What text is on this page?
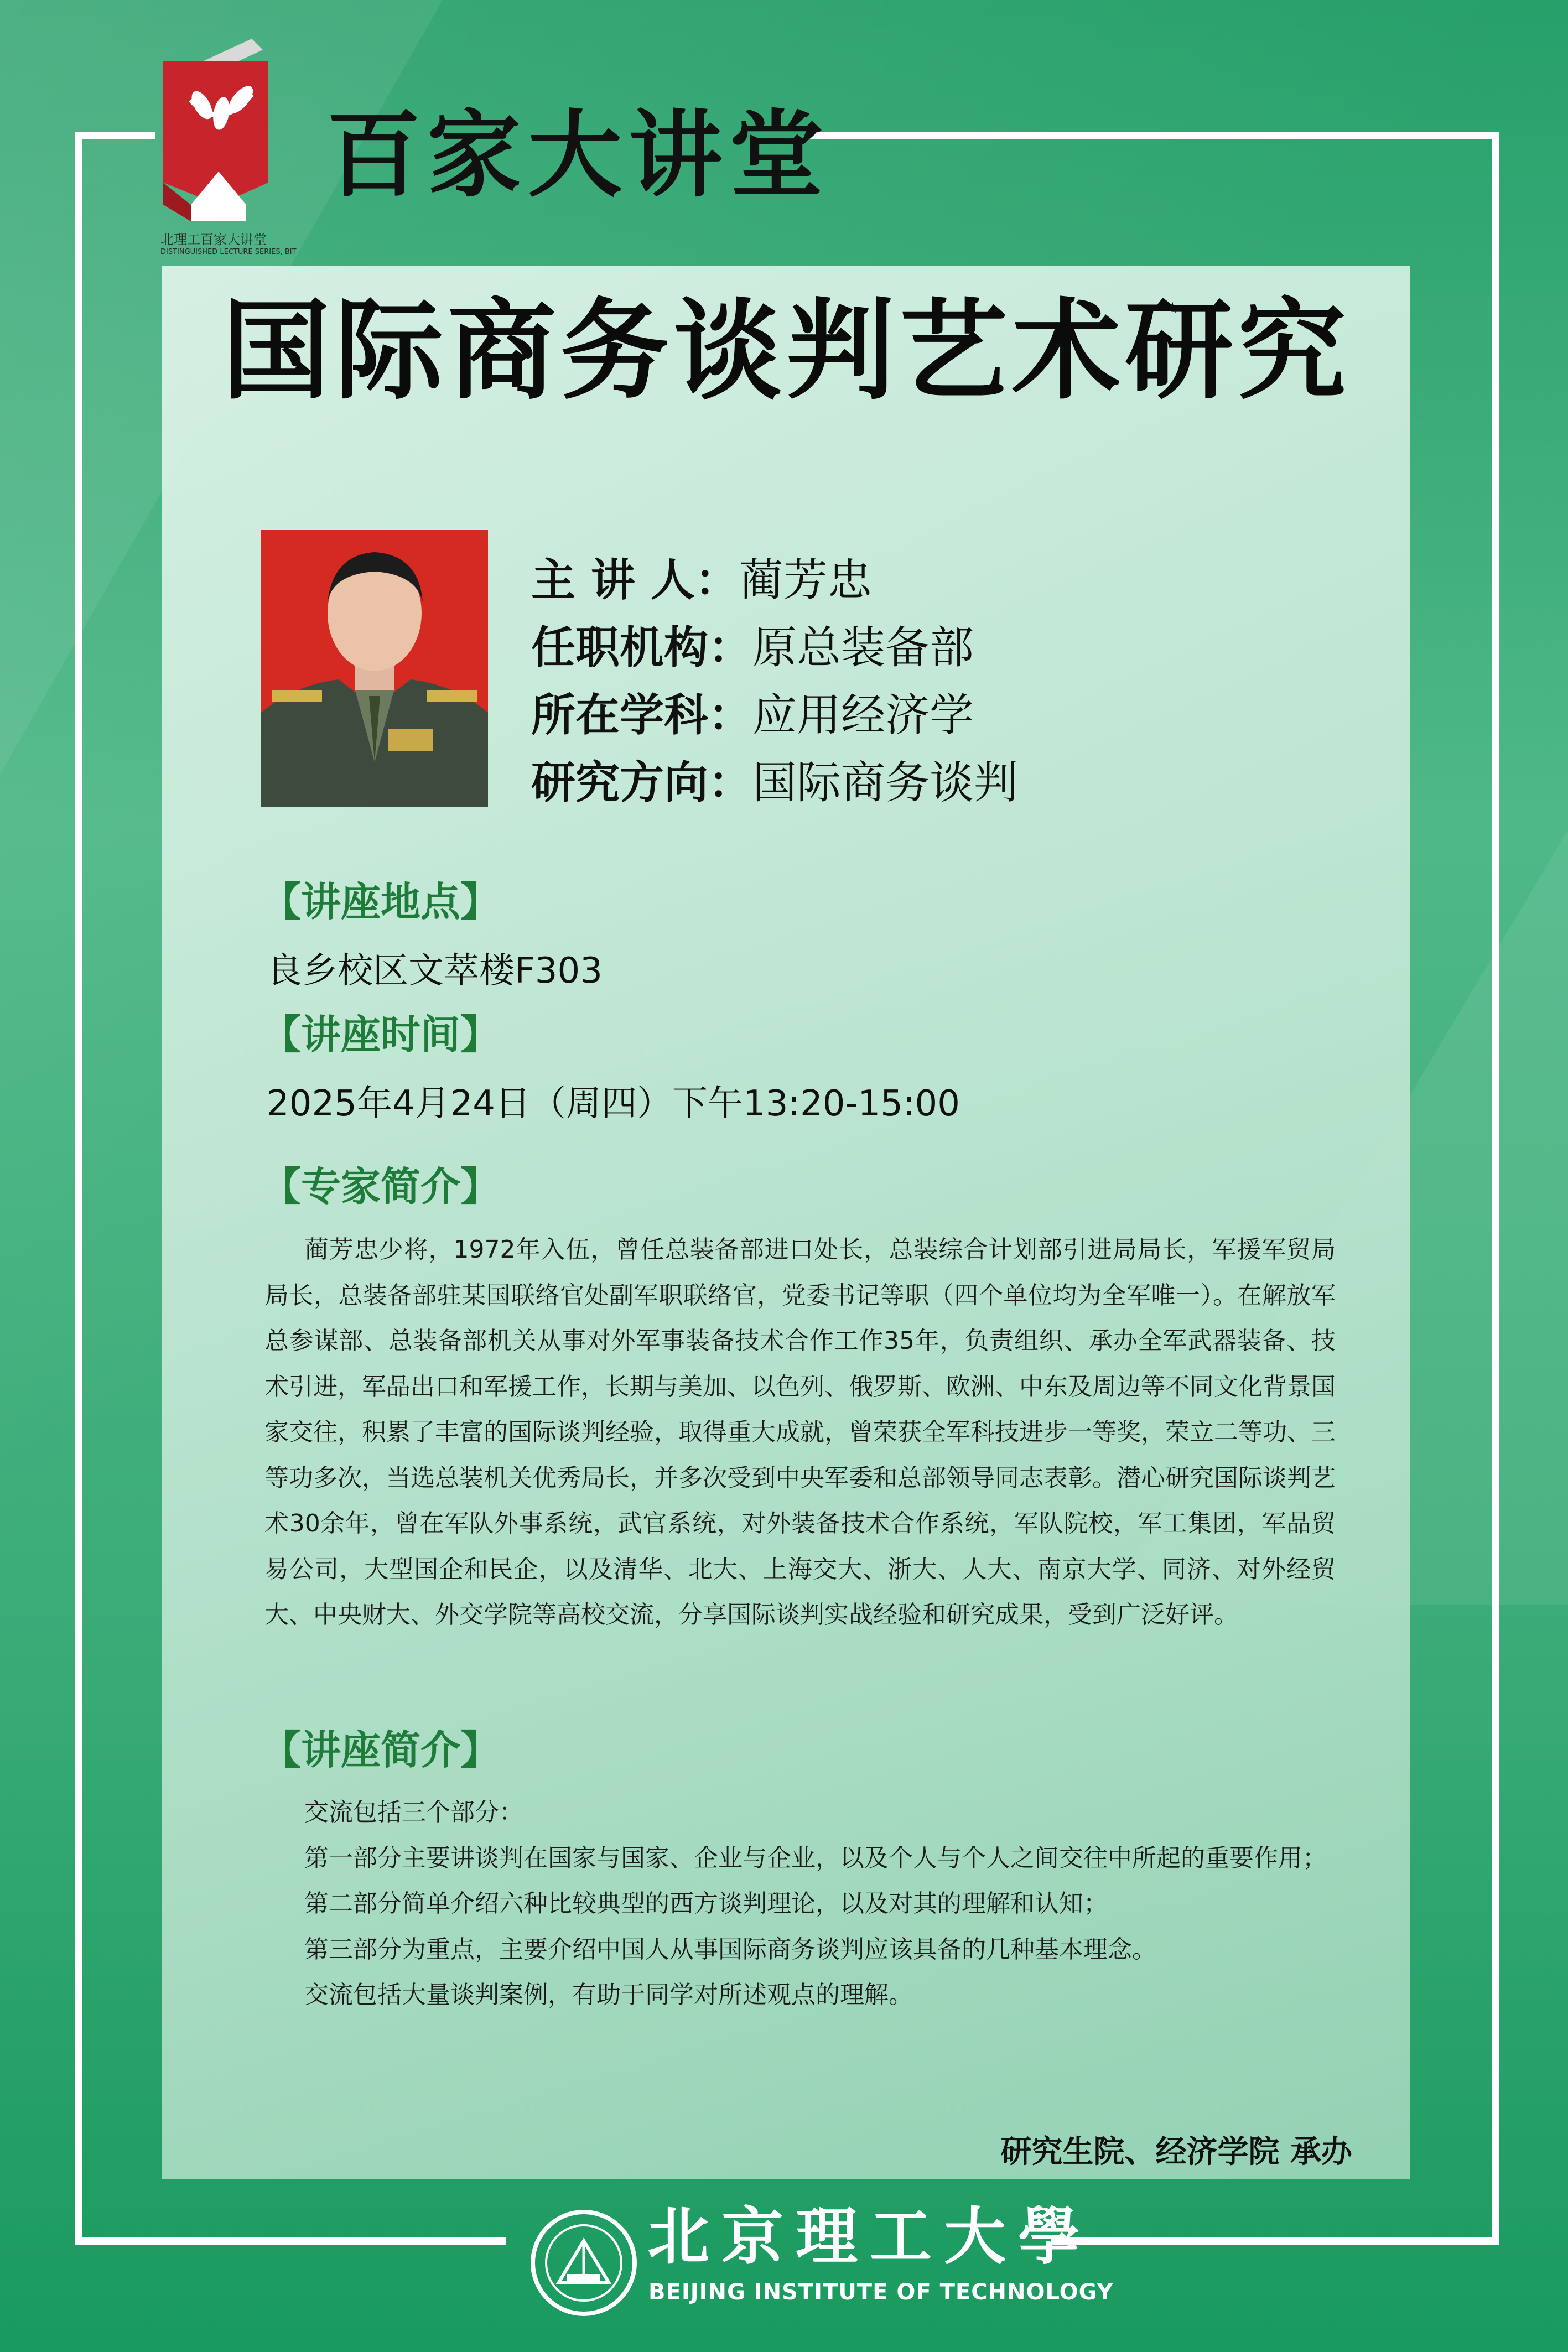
北理工百家大讲堂
DISTINGUISHED LECTURE SERIES, BIT
百家大讲堂
国际商务谈判艺术研究
主 讲 人：蔺芳忠
任职机构：原总装备部
所在学科：应用经济学
研究方向：国际商务谈判
【讲座地点】
良乡校区文萃楼F303
【讲座时间】
2025年4月24日（周四）下午13:20-15:00
【专家简介】

蔺芳忠少将，1972年入伍，曾任总装备部进口处长，总装综合计划部引进局局长，军援军贸局局长，总装备部驻某国联络官处副军职联络官，党委书记等职（四个单位均为全军唯一）。在解放军总参谋部、总装备部机关从事对外军事装备技术合作工作35年，负责组织、承办全军武器装备、技术引进，军品出口和军援工作，长期与美加、以色列、俄罗斯、欧洲、中东及周边等不同文化背景国家交往，积累了丰富的国际谈判经验，取得重大成就，曾荣获全军科技进步一等奖，荣立二等功、三等功多次，当选总装机关优秀局长，并多次受到中央军委和总部领导同志表彰。潜心研究国际谈判艺术30余年，曾在军队外事系统，武官系统，对外装备技术合作系统，军队院校，军工集团，军品贸易公司，大型国企和民企，以及清华、北大、上海交大、浙大、人大、南京大学、同济、对外经贸大、中央财大、外交学院等高校交流，分享国际谈判实战经验和研究成果，受到广泛好评。

【讲座简介】

交流包括三个部分：

第一部分主要讲谈判在国家与国家、企业与企业，以及个人与个人之间交往中所起的重要作用；

第二部分简单介绍六种比较典型的西方谈判理论，以及对其的理解和认知；

第三部分为重点，主要介绍中国人从事国际商务谈判应该具备的几种基本理念。

交流包括大量谈判案例，有助于同学对所述观点的理解。

研究生院、经济学院 承办
北京理工大學
BEIJING INSTITUTE OF TECHNOLOGY
